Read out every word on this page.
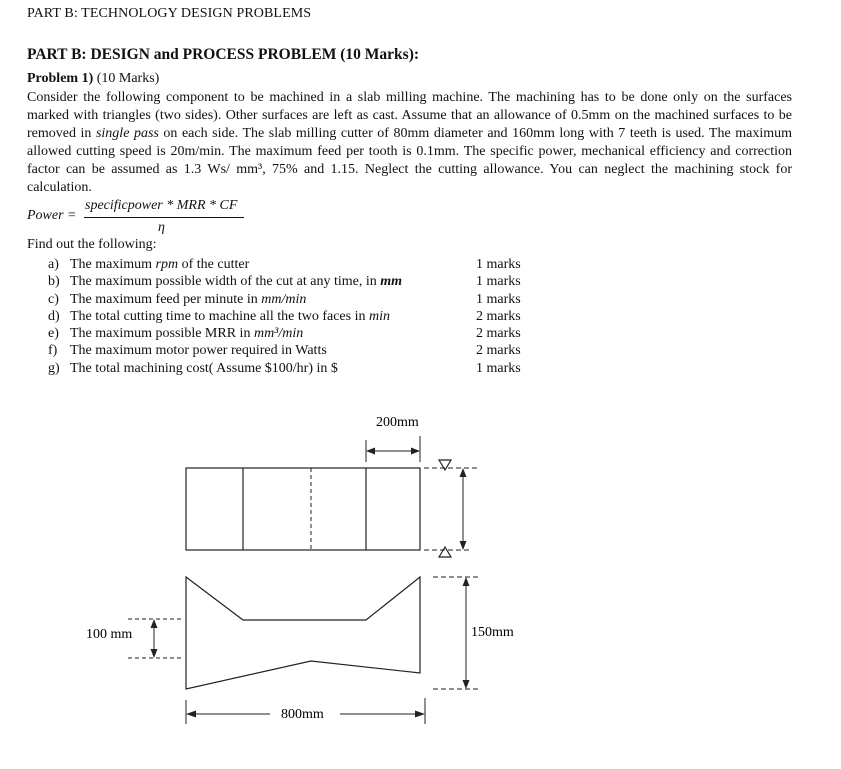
PART B: TECHNOLOGY DESIGN PROBLEMS
PART B: DESIGN and PROCESS PROBLEM (10 Marks):
Problem 1) (10 Marks)

Consider the following component to be machined in a slab milling machine. The machining has to be done only on the surfaces marked with triangles (two sides). Other surfaces are left as cast. Assume that an allowance of 0.5mm on the machined surfaces to be removed in single pass on each side. The slab milling cutter of 80mm diameter and 160mm long with 7 teeth is used. The maximum allowed cutting speed is 20m/min. The maximum feed per tooth is 0.1mm. The specific power, mechanical efficiency and correction factor can be assumed as 1.3 Ws/ mm³, 75% and 1.15. Neglect the cutting allowance. You can neglect the machining stock for calculation.

Power =
specificpower * MRR * CF
η
Find out the following:
a) The maximum rpm of the cutter
b) The maximum possible width of the cut at any time, in mm
c) The maximum feed per minute in mm/min
d) The total cutting time to machine all the two faces in min
e) The maximum possible MRR in mm³/min
f) The maximum motor power required in Watts
g) The total machining cost( Assume $100/hr) in $
1 marks
1 marks
1 marks
2 marks
2 marks
2 marks
1 marks
200mm
100 mm	150mm
800mm
